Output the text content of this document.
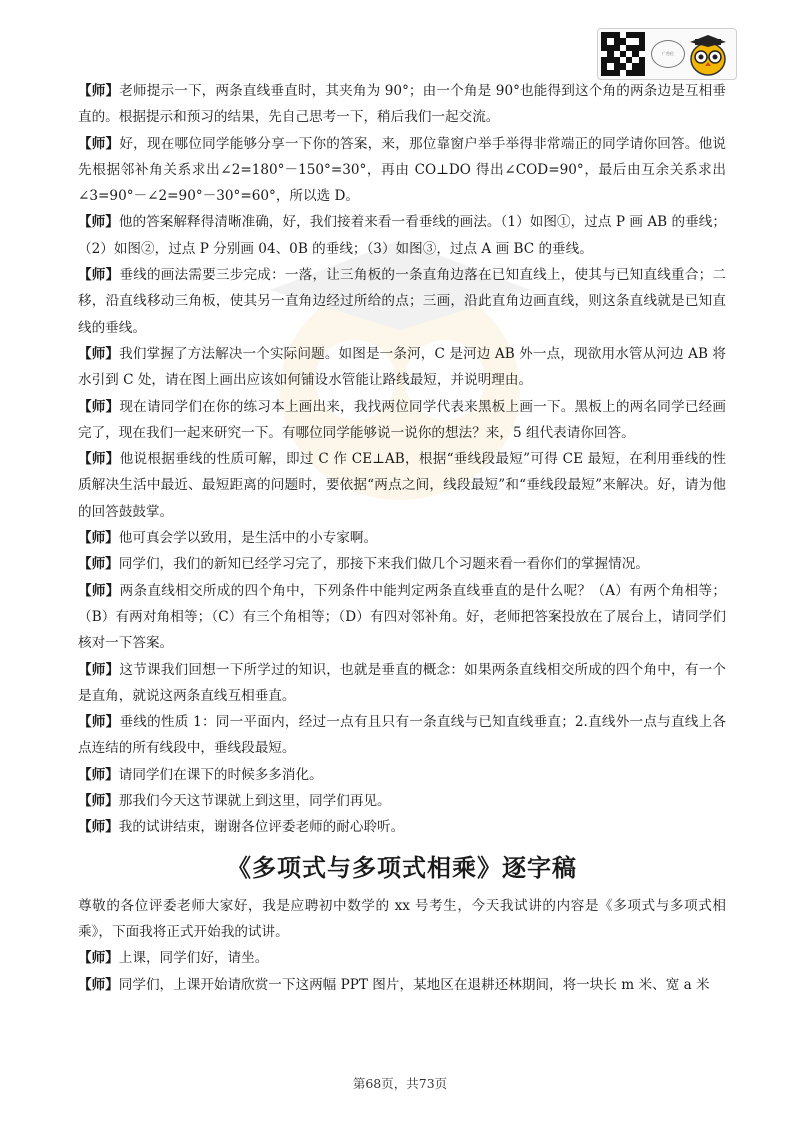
广告位

【师】老师提示一下，两条直线垂直时，其夹角为 90°；由一个角是 90°也能得到这个角的两条边是互相垂直的。根据提示和预习的结果，先自己思考一下，稍后我们一起交流。

【师】好，现在哪位同学能够分享一下你的答案，来，那位靠窗户举手举得非常端正的同学请你回答。他说先根据邻补角关系求出∠2=180°－150°=30°，再由 CO⊥DO 得出∠COD=90°，最后由互余关系求出∠3=90°－∠2=90°－30°=60°，所以选 D。

【师】他的答案解释得清晰准确，好，我们接着来看一看垂线的画法。（1）如图①，过点 P 画 AB 的垂线；（2）如图②，过点 P 分别画 04、0B 的垂线；（3）如图③，过点 A 画 BC 的垂线。

【师】垂线的画法需要三步完成：一落，让三角板的一条直角边落在已知直线上，使其与已知直线重合；二移，沿直线移动三角板，使其另一直角边经过所给的点；三画，沿此直角边画直线，则这条直线就是已知直线的垂线。

【师】我们掌握了方法解决一个实际问题。如图是一条河，C 是河边 AB 外一点，现欲用水管从河边 AB 将水引到 C 处，请在图上画出应该如何铺设水管能让路线最短，并说明理由。

【师】现在请同学们在你的练习本上画出来，我找两位同学代表来黑板上画一下。黑板上的两名同学已经画完了，现在我们一起来研究一下。有哪位同学能够说一说你的想法？来，5 组代表请你回答。

【师】他说根据垂线的性质可解，即过 C 作 CE⊥AB，根据“垂线段最短”可得 CE 最短，在利用垂线的性质解决生活中最近、最短距离的问题时，要依据“两点之间，线段最短”和“垂线段最短”来解决。好，请为他的回答鼓鼓掌。

【师】他可真会学以致用，是生活中的小专家啊。

【师】同学们，我们的新知已经学习完了，那接下来我们做几个习题来看一看你们的掌握情况。

【师】两条直线相交所成的四个角中，下列条件中能判定两条直线垂直的是什么呢？（A）有两个角相等；（B）有两对角相等；（C）有三个角相等；（D）有四对邻补角。好，老师把答案投放在了展台上，请同学们核对一下答案。

【师】这节课我们回想一下所学过的知识，也就是垂直的概念：如果两条直线相交所成的四个角中，有一个是直角，就说这两条直线互相垂直。

【师】垂线的性质 1：同一平面内，经过一点有且只有一条直线与已知直线垂直；2.直线外一点与直线上各点连结的所有线段中，垂线段最短。

【师】请同学们在课下的时候多多消化。

【师】那我们今天这节课就上到这里，同学们再见。

【师】我的试讲结束，谢谢各位评委老师的耐心聆听。

《多项式与多项式相乘》逐字稿

尊敬的各位评委老师大家好，我是应聘初中数学的 xx 号考生，今天我试讲的内容是《多项式与多项式相乘》，下面我将正式开始我的试讲。

【师】上课，同学们好，请坐。

【师】同学们，上课开始请欣赏一下这两幅 PPT 图片，某地区在退耕还林期间，将一块长 m 米、宽 a 米

第68页，共73页
